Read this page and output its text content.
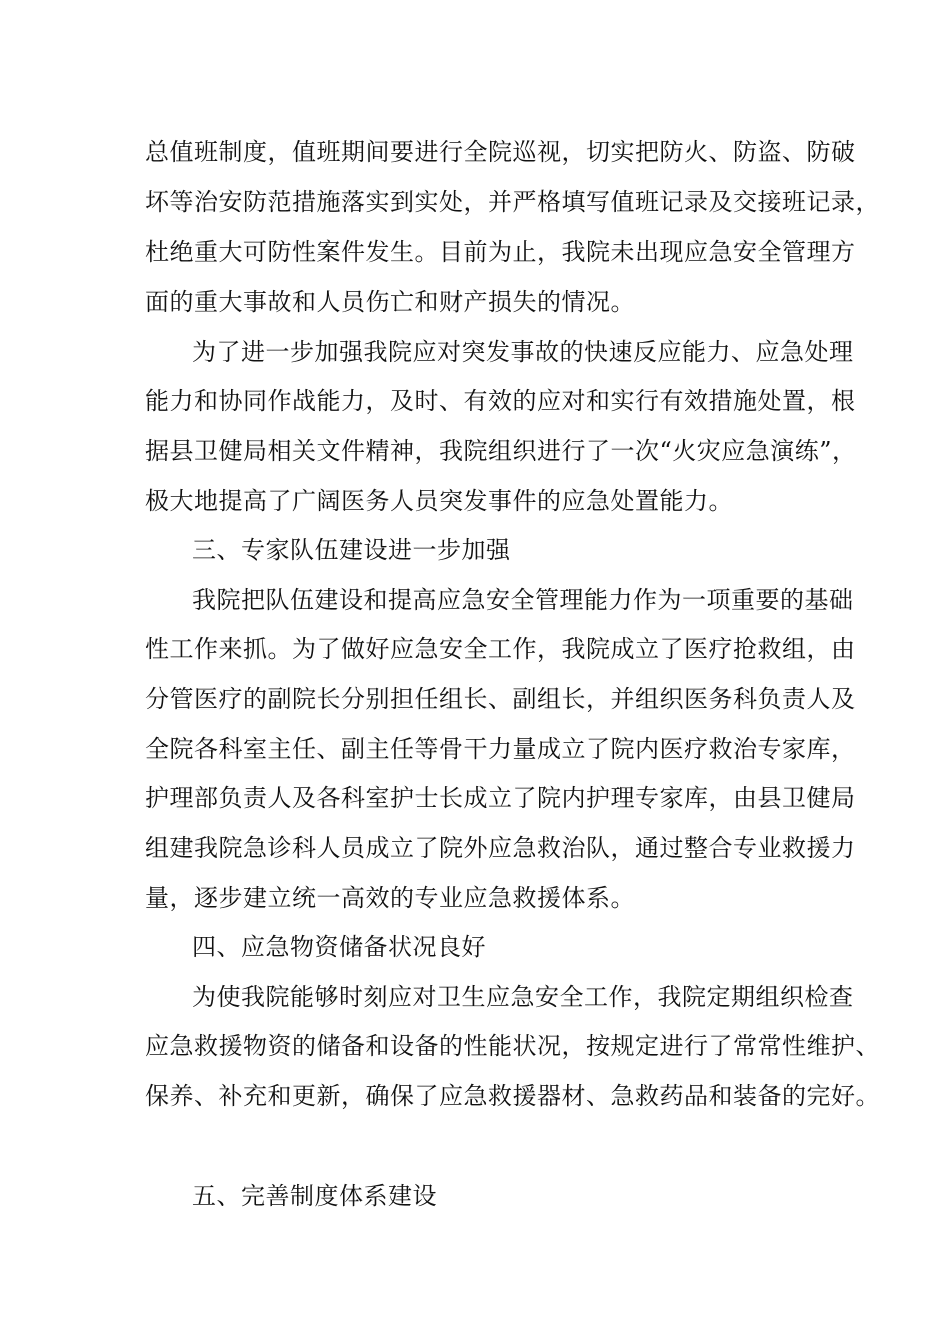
总值班制度，值班期间要进行全院巡视，切实把防火、防盗、防破
坏等治安防范措施落实到实处，并严格填写值班记录及交接班记录，
杜绝重大可防性案件发生。目前为止，我院未出现应急安全管理方
面的重大事故和人员伤亡和财产损失的情况。
为了进一步加强我院应对突发事故的快速反应能力、应急处理
能力和协同作战能力，及时、有效的应对和实行有效措施处置，根
据县卫健局相关文件精神，我院组织进行了一次“火灾应急演练”，
极大地提高了广阔医务人员突发事件的应急处置能力。
三、专家队伍建设进一步加强
我院把队伍建设和提高应急安全管理能力作为一项重要的基础
性工作来抓。为了做好应急安全工作，我院成立了医疗抢救组，由
分管医疗的副院长分别担任组长、副组长，并组织医务科负责人及
全院各科室主任、副主任等骨干力量成立了院内医疗救治专家库，
护理部负责人及各科室护士长成立了院内护理专家库，由县卫健局
组建我院急诊科人员成立了院外应急救治队，通过整合专业救援力
量，逐步建立统一高效的专业应急救援体系。
四、应急物资储备状况良好
为使我院能够时刻应对卫生应急安全工作，我院定期组织检查
应急救援物资的储备和设备的性能状况，按规定进行了常常性维护、
保养、补充和更新，确保了应急救援器材、急救药品和装备的完好。
五、完善制度体系建设
